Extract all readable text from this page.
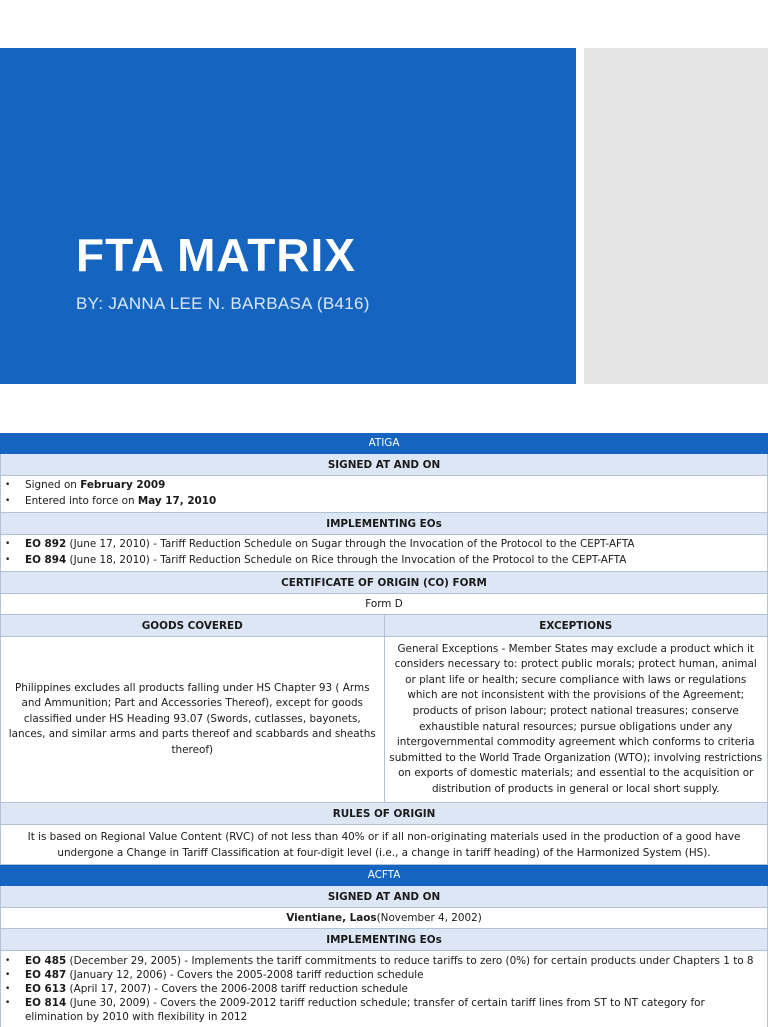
FTA MATRIX
BY: JANNA LEE N. BARBASA (B416)
ATIGA
SIGNED AT AND ON
• Signed on February 2009
• Entered into force on May 17, 2010
IMPLEMENTING EOs
• EO 892 (June 17, 2010) - Tariff Reduction Schedule on Sugar through the Invocation of the Protocol to the CEPT-AFTA
• EO 894 (June 18, 2010) - Tariff Reduction Schedule on Rice through the Invocation of the Protocol to the CEPT-AFTA
CERTIFICATE OF ORIGIN (CO) FORM
Form D
GOODS COVERED	EXCEPTIONS
Philippines excludes all products falling under HS Chapter 93 ( Arms and Ammunition; Part and Accessories Thereof), except for goods classified under HS Heading 93.07 (Swords, cutlasses, bayonets, lances, and similar arms and parts thereof and scabbards and sheaths thereof)
General Exceptions - Member States may exclude a product which it considers necessary to: protect public morals; protect human, animal or plant life or health; secure compliance with laws or regulations which are not inconsistent with the provisions of the Agreement; products of prison labour; protect national treasures; conserve exhaustible natural resources; pursue obligations under any intergovernmental commodity agreement which conforms to criteria submitted to the World Trade Organization (WTO); involving restrictions on exports of domestic materials; and essential to the acquisition or distribution of products in general or local short supply.
RULES OF ORIGIN
It is based on Regional Value Content (RVC) of not less than 40% or if all non-originating materials used in the production of a good have undergone a Change in Tariff Classification at four-digit level (i.e., a change in tariff heading) of the Harmonized System (HS).
ACFTA
SIGNED AT AND ON
Vientiane, Laos (November 4, 2002)
IMPLEMENTING EOs
• EO 485 (December 29, 2005) - Implements the tariff commitments to reduce tariffs to zero (0%) for certain products under Chapters 1 to 8
• EO 487 (January 12, 2006) - Covers the 2005-2008 tariff reduction schedule
• EO 613 (April 17, 2007) - Covers the 2006-2008 tariff reduction schedule
• EO 814 (June 30, 2009) - Covers the 2009-2012 tariff reduction schedule; transfer of certain tariff lines from ST to NT category for elimination by 2010 with flexibility in 2012
